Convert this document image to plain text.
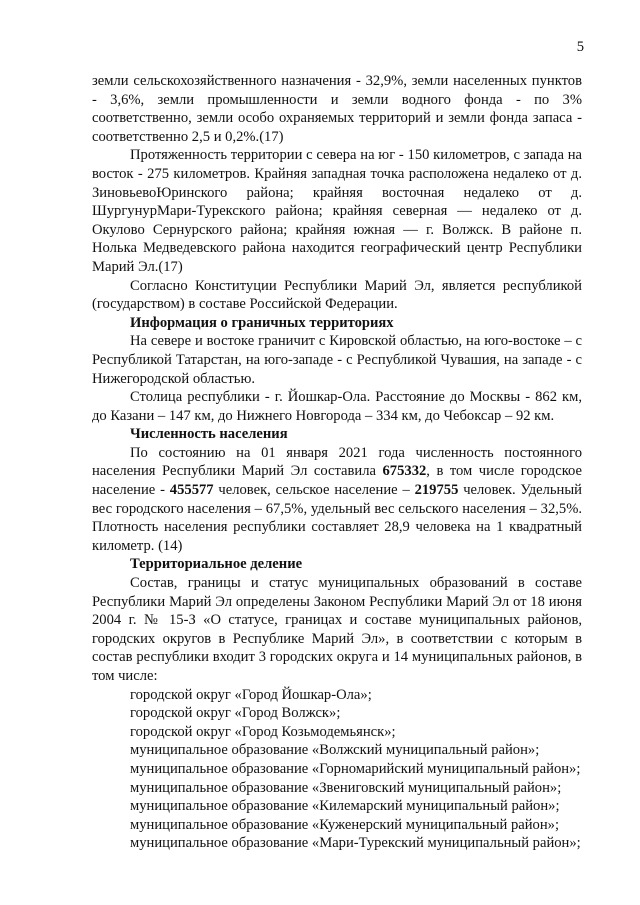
5

земли сельскохозяйственного назначения - 32,9%, земли населенных пунктов - 3,6%, земли промышленности и земли водного фонда - по 3% соответственно, земли особо охраняемых территорий и земли фонда запаса - соответственно 2,5 и 0,2%.(17)

Протяженность территории с севера на юг - 150 километров, с запада на восток - 275 километров. Крайняя западная точка расположена недалеко от д. ЗиновьевоЮринского района; крайняя восточная недалеко от д. ШургунурМари-Турекского района; крайняя северная — недалеко от д. Окулово Сернурского района; крайняя южная — г. Волжск. В районе п. Нолька Медведевского района находится географический центр Республики Марий Эл.(17)

Согласно Конституции Республики Марий Эл, является республикой (государством) в составе Российской Федерации.

Информация о граничных территориях

На севере и востоке граничит с Кировской областью, на юго-востоке – с Республикой Татарстан, на юго-западе - с Республикой Чувашия, на западе - с Нижегородской областью.

Столица республики - г. Йошкар-Ола. Расстояние до Москвы - 862 км, до Казани – 147 км, до Нижнего Новгорода – 334 км, до Чебоксар – 92 км.

Численность населения

По состоянию на 01 января 2021 года численность постоянного населения Республики Марий Эл составила 675332, в том числе городское население - 455577 человек, сельское население – 219755 человек. Удельный вес городского населения – 67,5%, удельный вес сельского населения – 32,5%. Плотность населения республики составляет 28,9 человека на 1 квадратный километр. (14)

Территориальное деление

Состав, границы и статус муниципальных образований в составе Республики Марий Эл определены Законом Республики Марий Эл от 18 июня 2004 г. № 15-З «О статусе, границах и составе муниципальных районов, городских округов в Республике Марий Эл», в соответствии с которым в состав республики входит 3 городских округа и 14 муниципальных районов, в том числе:

городской округ «Город Йошкар-Ола»;

городской округ «Город Волжск»;

городской округ «Город Козьмодемьянск»;

муниципальное образование «Волжский муниципальный район»;

муниципальное образование «Горномарийский муниципальный район»;

муниципальное образование «Звениговский муниципальный район»;

муниципальное образование «Килемарский муниципальный район»;

муниципальное образование «Куженерский муниципальный район»;

муниципальное образование «Мари-Турекский муниципальный район»;
